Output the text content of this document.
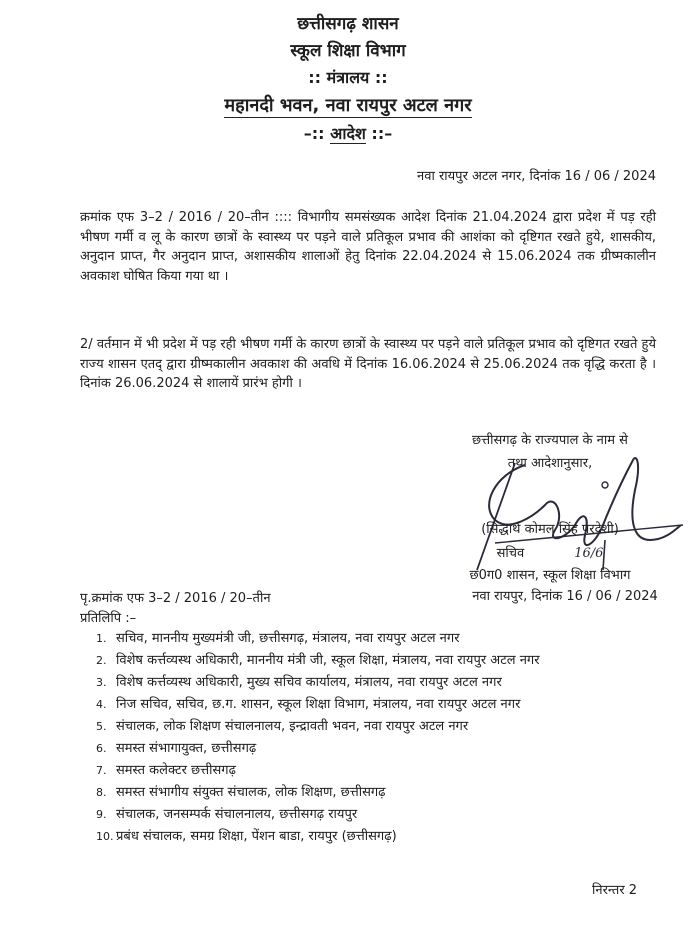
छत्तीसगढ़ शासन
स्कूल शिक्षा विभाग
:: मंत्रालय ::
महानदी भवन, नवा रायपुर अटल नगर
–:: आदेश ::–
नवा रायपुर अटल नगर, दिनांक 16 / 06 / 2024
क्रमांक एफ 3–2 / 2016 / 20–तीन :::: विभागीय समसंख्यक आदेश दिनांक 21.04.2024 द्वारा प्रदेश में पड़ रही भीषण गर्मी व लू के कारण छात्रों के स्वास्थ्य पर पड़ने वाले प्रतिकूल प्रभाव की आशंका को दृष्टिगत रखते हुये, शासकीय, अनुदान प्राप्त, गैर अनुदान प्राप्त, अशासकीय शालाओं हेतु दिनांक 22.04.2024 से 15.06.2024 तक ग्रीष्मकालीन अवकाश घोषित किया गया था ।
2/ वर्तमान में भी प्रदेश में पड़ रही भीषण गर्मी के कारण छात्रों के स्वास्थ्य पर पड़ने वाले प्रतिकूल प्रभाव को दृष्टिगत रखते हुये राज्य शासन एतद् द्वारा ग्रीष्मकालीन अवकाश की अवधि में दिनांक 16.06.2024 से 25.06.2024 तक वृद्धि करता है । दिनांक 26.06.2024 से शालायें प्रारंभ होगी ।
छत्तीसगढ़ के राज्यपाल के नाम से
तथा आदेशानुसार,
(सिद्धार्थ कोमल सिंह परदेशी)
सचिव	16/6
छ0ग0 शासन, स्कूल शिक्षा विभाग
नवा रायपुर, दिनांक 16 / 06 / 2024
पृ.क्रमांक एफ 3–2 / 2016 / 20–तीन
प्रतिलिपि :–
1. सचिव, माननीय मुख्यमंत्री जी, छत्तीसगढ़, मंत्रालय, नवा रायपुर अटल नगर
2. विशेष कर्त्तव्यस्थ अधिकारी, माननीय मंत्री जी, स्कूल शिक्षा, मंत्रालय, नवा रायपुर अटल नगर
3. विशेष कर्त्तव्यस्थ अधिकारी, मुख्य सचिव कार्यालय, मंत्रालय, नवा रायपुर अटल नगर
4. निज सचिव, सचिव, छ.ग. शासन, स्कूल शिक्षा विभाग, मंत्रालय, नवा रायपुर अटल नगर
5. संचालक, लोक शिक्षण संचालनालय, इन्द्रावती भवन, नवा रायपुर अटल नगर
6. समस्त संभागायुक्त, छत्तीसगढ़
7. समस्त कलेक्टर छत्तीसगढ़
8. समस्त संभागीय संयुक्त संचालक, लोक शिक्षण, छत्तीसगढ़
9. संचालक, जनसम्पर्क संचालनालय, छत्तीसगढ़ रायपुर
10. प्रबंध संचालक, समग्र शिक्षा, पेंशन बाडा, रायपुर (छत्तीसगढ़)
निरन्तर 2
